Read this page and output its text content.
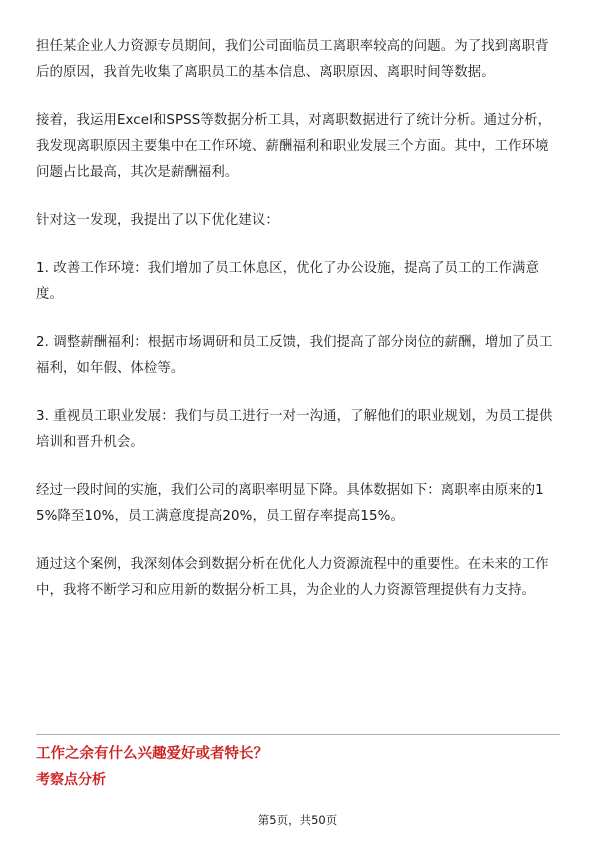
担任某企业人力资源专员期间，我们公司面临员工离职率较高的问题。为了找到离职背后的原因，我首先收集了离职员工的基本信息、离职原因、离职时间等数据。

接着，我运用Excel和SPSS等数据分析工具，对离职数据进行了统计分析。通过分析，我发现离职原因主要集中在工作环境、薪酬福利和职业发展三个方面。其中，工作环境问题占比最高，其次是薪酬福利。

针对这一发现，我提出了以下优化建议：

1. 改善工作环境：我们增加了员工休息区，优化了办公设施，提高了员工的工作满意度。

2. 调整薪酬福利：根据市场调研和员工反馈，我们提高了部分岗位的薪酬，增加了员工福利，如年假、体检等。

3. 重视员工职业发展：我们与员工进行一对一沟通，了解他们的职业规划，为员工提供培训和晋升机会。

经过一段时间的实施，我们公司的离职率明显下降。具体数据如下：离职率由原来的15%降至10%，员工满意度提高20%，员工留存率提高15%。

通过这个案例，我深刻体会到数据分析在优化人力资源流程中的重要性。在未来的工作中，我将不断学习和应用新的数据分析工具，为企业的人力资源管理提供有力支持。

工作之余有什么兴趣爱好或者特长？
考察点分析
第5页，共50页
